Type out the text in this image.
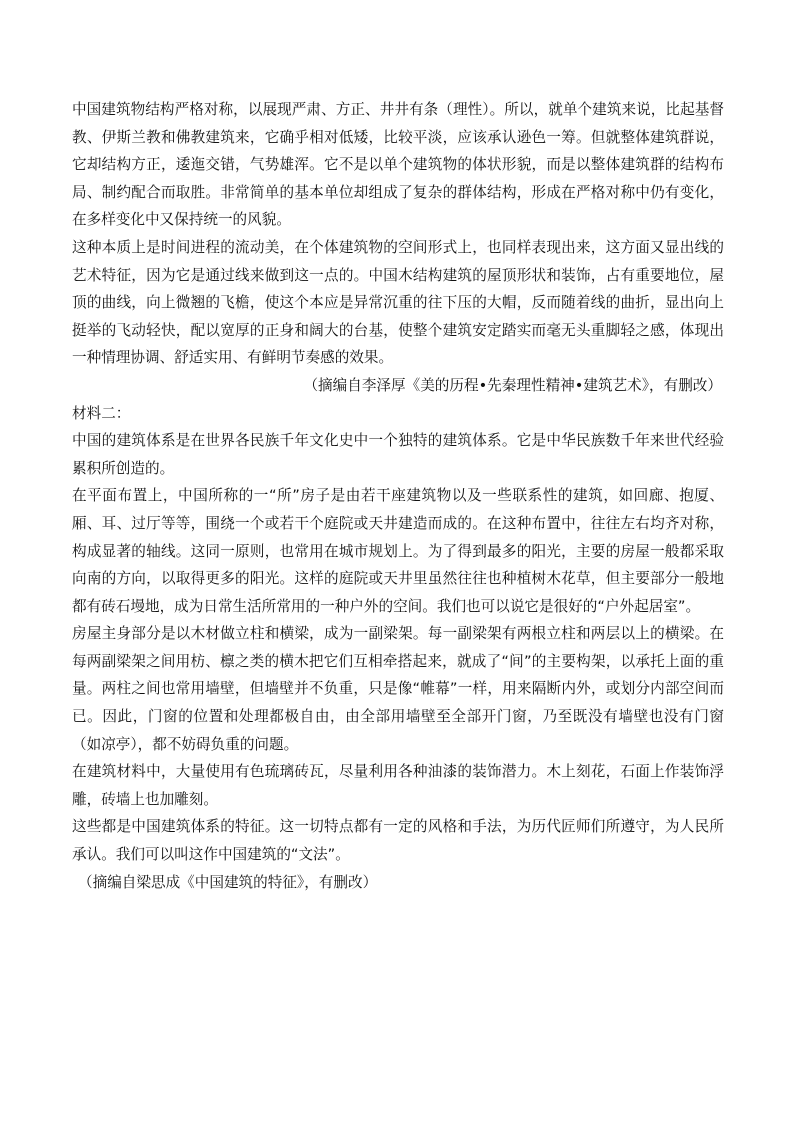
中国建筑物结构严格对称，以展现严肃、方正、井井有条（理性）。所以，就单个建筑来说，比起基督教、伊斯兰教和佛教建筑来，它确乎相对低矮，比较平淡，应该承认逊色一筹。但就整体建筑群说，它却结构方正，逶迤交错，气势雄浑。它不是以单个建筑物的体状形貌，而是以整体建筑群的结构布局、制约配合而取胜。非常简单的基本单位却组成了复杂的群体结构，形成在严格对称中仍有变化，在多样变化中又保持统一的风貌。

这种本质上是时间进程的流动美，在个体建筑物的空间形式上，也同样表现出来，这方面又显出线的艺术特征，因为它是通过线来做到这一点的。中国木结构建筑的屋顶形状和装饰，占有重要地位，屋顶的曲线，向上微翘的飞檐，使这个本应是异常沉重的往下压的大帽，反而随着线的曲折，显出向上挺举的飞动轻快，配以宽厚的正身和阔大的台基，使整个建筑安定踏实而毫无头重脚轻之感，体现出一种情理协调、舒适实用、有鲜明节奏感的效果。

（摘编自李泽厚《美的历程•先秦理性精神•建筑艺术》，有删改）

材料二：

中国的建筑体系是在世界各民族千年文化史中一个独特的建筑体系。它是中华民族数千年来世代经验累积所创造的。

在平面布置上，中国所称的一“所”房子是由若干座建筑物以及一些联系性的建筑，如回廊、抱厦、厢、耳、过厅等等，围绕一个或若干个庭院或天井建造而成的。在这种布置中，往往左右均齐对称，构成显著的轴线。这同一原则，也常用在城市规划上。为了得到最多的阳光，主要的房屋一般都采取向南的方向，以取得更多的阳光。这样的庭院或天井里虽然往往也种植树木花草，但主要部分一般地都有砖石墁地，成为日常生活所常用的一种户外的空间。我们也可以说它是很好的“户外起居室”。

房屋主身部分是以木材做立柱和横梁，成为一副梁架。每一副梁架有两根立柱和两层以上的横梁。在每两副梁架之间用枋、檩之类的横木把它们互相牵搭起来，就成了“间”的主要构架，以承托上面的重量。两柱之间也常用墙壁，但墙壁并不负重，只是像“帷幕”一样，用来隔断内外，或划分内部空间而已。因此，门窗的位置和处理都极自由，由全部用墙壁至全部开门窗，乃至既没有墙壁也没有门窗（如凉亭），都不妨碍负重的问题。

在建筑材料中，大量使用有色琉璃砖瓦，尽量利用各种油漆的装饰潜力。木上刻花，石面上作装饰浮雕，砖墙上也加雕刻。

这些都是中国建筑体系的特征。这一切特点都有一定的风格和手法，为历代匠师们所遵守，为人民所承认。我们可以叫这作中国建筑的“文法”。

（摘编自梁思成《中国建筑的特征》，有删改）
